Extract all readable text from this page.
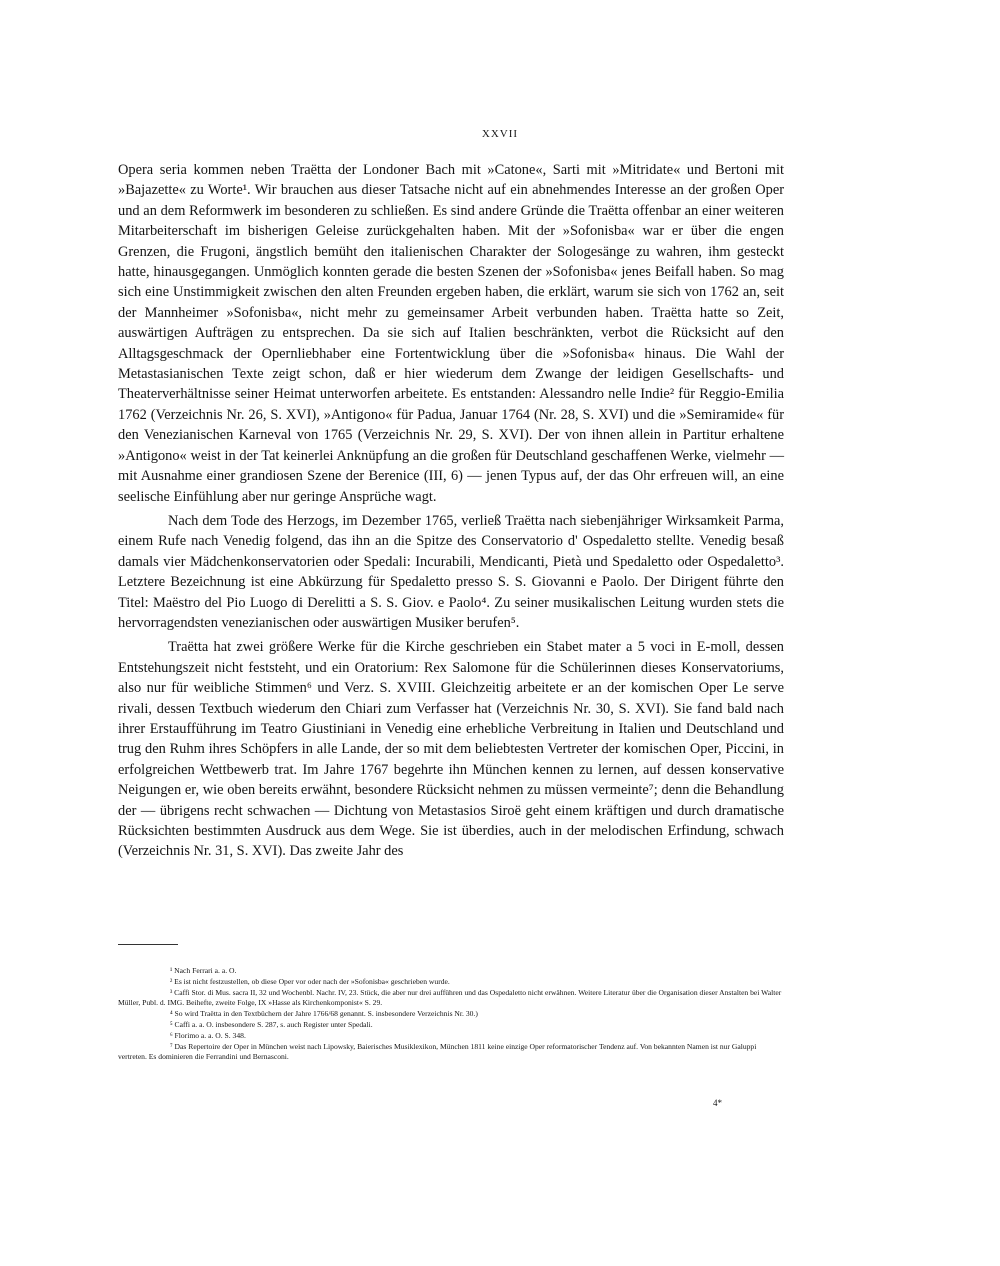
XXVII

Opera seria kommen neben Traëtta der Londoner Bach mit »Catone«, Sarti mit »Mitridate« und Bertoni mit »Bajazette« zu Worte¹. Wir brauchen aus dieser Tatsache nicht auf ein abnehmendes Interesse an der großen Oper und an dem Reformwerk im besonderen zu schließen. Es sind andere Gründe die Traëtta offenbar an einer weiteren Mitarbeiterschaft im bisherigen Geleise zurückgehalten haben. Mit der »Sofonisba« war er über die engen Grenzen, die Frugoni, ängstlich bemüht den italienischen Charakter der Sologesänge zu wahren, ihm gesteckt hatte, hinausgegangen. Unmöglich konnten gerade die besten Szenen der »Sofonisba« jenes Beifall haben. So mag sich eine Unstimmigkeit zwischen den alten Freunden ergeben haben, die erklärt, warum sie sich von 1762 an, seit der Mannheimer »Sofonisba«, nicht mehr zu gemeinsamer Arbeit verbunden haben. Traëtta hatte so Zeit, auswärtigen Aufträgen zu entsprechen. Da sie sich auf Italien beschränkten, verbot die Rücksicht auf den Alltagsgeschmack der Opernliebhaber eine Fortentwicklung über die »Sofonisba« hinaus. Die Wahl der Metastasianischen Texte zeigt schon, daß er hier wiederum dem Zwange der leidigen Gesellschafts- und Theaterverhältnisse seiner Heimat unterworfen arbeitete. Es entstanden: Alessandro nelle Indie² für Reggio-Emilia 1762 (Verzeichnis Nr. 26, S. XVI), »Antigono« für Padua, Januar 1764 (Nr. 28, S. XVI) und die »Semiramide« für den Venezianischen Karneval von 1765 (Verzeichnis Nr. 29, S. XVI). Der von ihnen allein in Partitur erhaltene »Antigono« weist in der Tat keinerlei Anknüpfung an die großen für Deutschland geschaffenen Werke, vielmehr — mit Ausnahme einer grandiosen Szene der Berenice (III, 6) — jenen Typus auf, der das Ohr erfreuen will, an eine seelische Einfühlung aber nur geringe Ansprüche wagt.

Nach dem Tode des Herzogs, im Dezember 1765, verließ Traëtta nach siebenjähriger Wirksamkeit Parma, einem Rufe nach Venedig folgend, das ihn an die Spitze des Conservatorio d' Ospedaletto stellte. Venedig besaß damals vier Mädchenkonservatorien oder Spedali: Incurabili, Mendicanti, Pietà und Spedaletto oder Ospedaletto³. Letztere Bezeichnung ist eine Abkürzung für Spedaletto presso S. S. Giovanni e Paolo. Der Dirigent führte den Titel: Maëstro del Pio Luogo di Derelitti a S. S. Giov. e Paolo⁴. Zu seiner musikalischen Leitung wurden stets die hervorragendsten venezianischen oder auswärtigen Musiker berufen⁵.

Traëtta hat zwei größere Werke für die Kirche geschrieben ein Stabet mater a 5 voci in E-moll, dessen Entstehungszeit nicht feststeht, und ein Oratorium: Rex Salomone für die Schülerinnen dieses Konservatoriums, also nur für weibliche Stimmen⁶ und Verz. S. XVIII. Gleichzeitig arbeitete er an der komischen Oper Le serve rivali, dessen Textbuch wiederum den Chiari zum Verfasser hat (Verzeichnis Nr. 30, S. XVI). Sie fand bald nach ihrer Erstaufführung im Teatro Giustiniani in Venedig eine erhebliche Verbreitung in Italien und Deutschland und trug den Ruhm ihres Schöpfers in alle Lande, der so mit dem beliebtesten Vertreter der komischen Oper, Piccini, in erfolgreichen Wettbewerb trat. Im Jahre 1767 begehrte ihn München kennen zu lernen, auf dessen konservative Neigungen er, wie oben bereits erwähnt, besondere Rücksicht nehmen zu müssen vermeinte⁷; denn die Behandlung der — übrigens recht schwachen — Dichtung von Metastasios Siroë geht einem kräftigen und durch dramatische Rücksichten bestimmten Ausdruck aus dem Wege. Sie ist überdies, auch in der melodischen Erfindung, schwach (Verzeichnis Nr. 31, S. XVI). Das zweite Jahr des

¹ Nach Ferrari a. a. O.

² Es ist nicht festzustellen, ob diese Oper vor oder nach der »Sofonisba« geschrieben wurde.

³ Caffi Stor. di Mus. sacra II, 32 und Wochenbl. Nachr. IV, 23. Stück, die aber nur drei aufführen und das Ospedaletto nicht erwähnen. Weitere Literatur über die Organisation dieser Anstalten bei Walter Müller, Publ. d. IMG. Beihefte, zweite Folge, IX »Hasse als Kirchenkomponist« S. 29.

⁴ So wird Traëtta in den Textbüchern der Jahre 1766/68 genannt. S. insbesondere Verzeichnis Nr. 30.)

⁵ Caffi a. a. O. insbesondere S. 287, s. auch Register unter Spedali.

⁶ Florimo a. a. O. S. 348.

⁷ Das Repertoire der Oper in München weist nach Lipowsky, Baierisches Musiklexikon, München 1811 keine einzige Oper reformatorischer Tendenz auf. Von bekannten Namen ist nur Galuppi vertreten. Es dominieren die Ferrandini und Bernasconi.

4*
